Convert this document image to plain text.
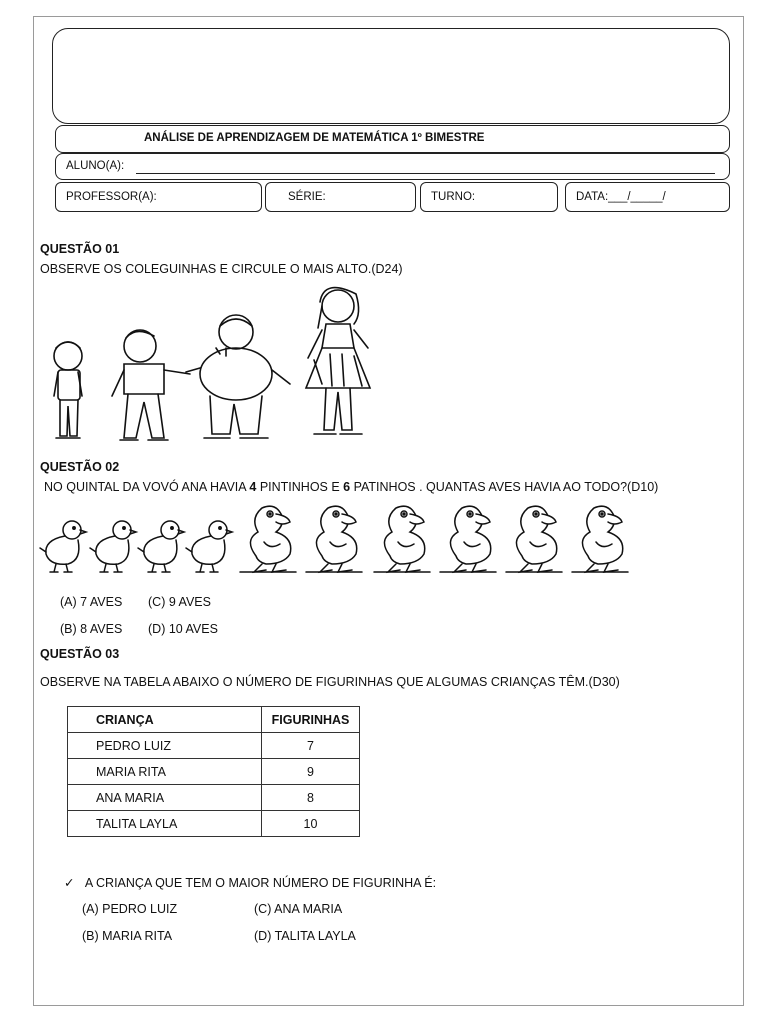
ANÁLISE DE APRENDIZAGEM DE MATEMÁTICA 1º BIMESTRE
ALUNO(A):
PROFESSOR(A):	SÉRIE:	TURNO:	DATA:___/_____/
QUESTÃO 01
OBSERVE OS COLEGUINHAS E CIRCULE O MAIS ALTO.(D24)
QUESTÃO 02
NO QUINTAL DA VOVÓ ANA HAVIA 4 PINTINHOS E 6 PATINHOS . QUANTAS AVES HAVIA AO TODO?(D10)
(A) 7 AVES (C) 9 AVES
(B) 8 AVES (D) 10 AVES
QUESTÃO 03
OBSERVE NA TABELA ABAIXO O NÚMERO DE FIGURINHAS QUE ALGUMAS CRIANÇAS TÊM.(D30)
CRIANÇA	FIGURINHAS
PEDRO LUIZ	7
MARIA RITA	9
ANA MARIA	8
TALITA LAYLA	10
✓ A CRIANÇA QUE TEM O MAIOR NÚMERO DE FIGURINHA É:
(A) PEDRO LUIZ	(C) ANA MARIA
(B) MARIA RITA	(D) TALITA LAYLA
